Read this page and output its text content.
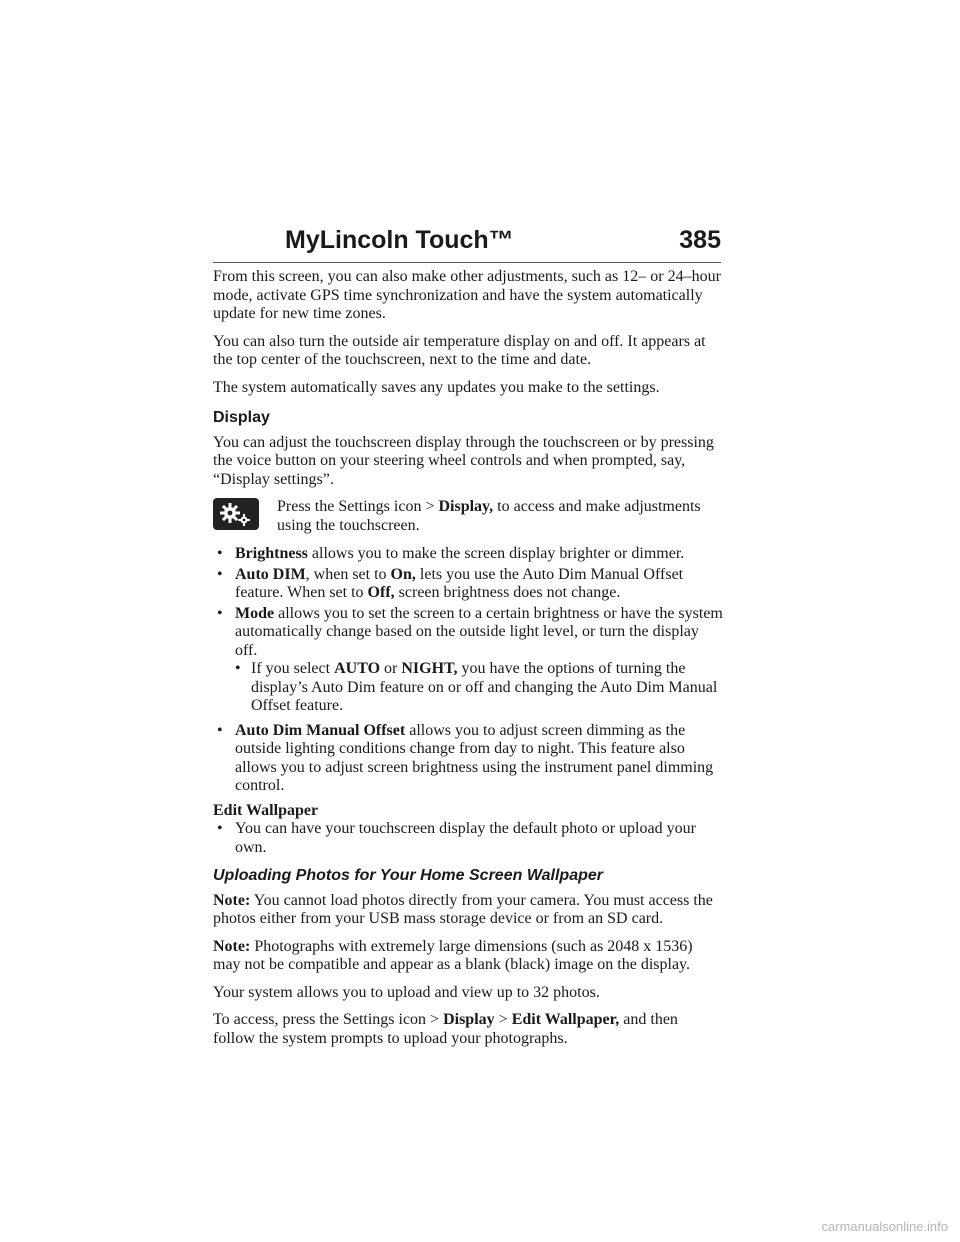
MyLincoln Touch™	385

From this screen, you can also make other adjustments, such as 12– or 24–hour mode, activate GPS time synchronization and have the system automatically update for new time zones.

You can also turn the outside air temperature display on and off. It appears at the top center of the touchscreen, next to the time and date.

The system automatically saves any updates you make to the settings.

Display

You can adjust the touchscreen display through the touchscreen or by pressing the voice button on your steering wheel controls and when prompted, say, “Display settings”.

Press the Settings icon > Display, to access and make adjustments using the touchscreen.
• Brightness allows you to make the screen display brighter or dimmer.
• Auto DIM, when set to On, lets you use the Auto Dim Manual Offset feature. When set to Off, screen brightness does not change.
• Mode allows you to set the screen to a certain brightness or have the system automatically change based on the outside light level, or turn the display off.
• If you select AUTO or NIGHT, you have the options of turning the display’s Auto Dim feature on or off and changing the Auto Dim Manual Offset feature.
• Auto Dim Manual Offset allows you to adjust screen dimming as the outside lighting conditions change from day to night. This feature also allows you to adjust screen brightness using the instrument panel dimming control.
Edit Wallpaper
• You can have your touchscreen display the default photo or upload your own.
Uploading Photos for Your Home Screen Wallpaper

Note: You cannot load photos directly from your camera. You must access the photos either from your USB mass storage device or from an SD card.

Note: Photographs with extremely large dimensions (such as 2048 x 1536) may not be compatible and appear as a blank (black) image on the display.

Your system allows you to upload and view up to 32 photos.

To access, press the Settings icon > Display > Edit Wallpaper, and then follow the system prompts to upload your photographs.

carmanualsonline.info
